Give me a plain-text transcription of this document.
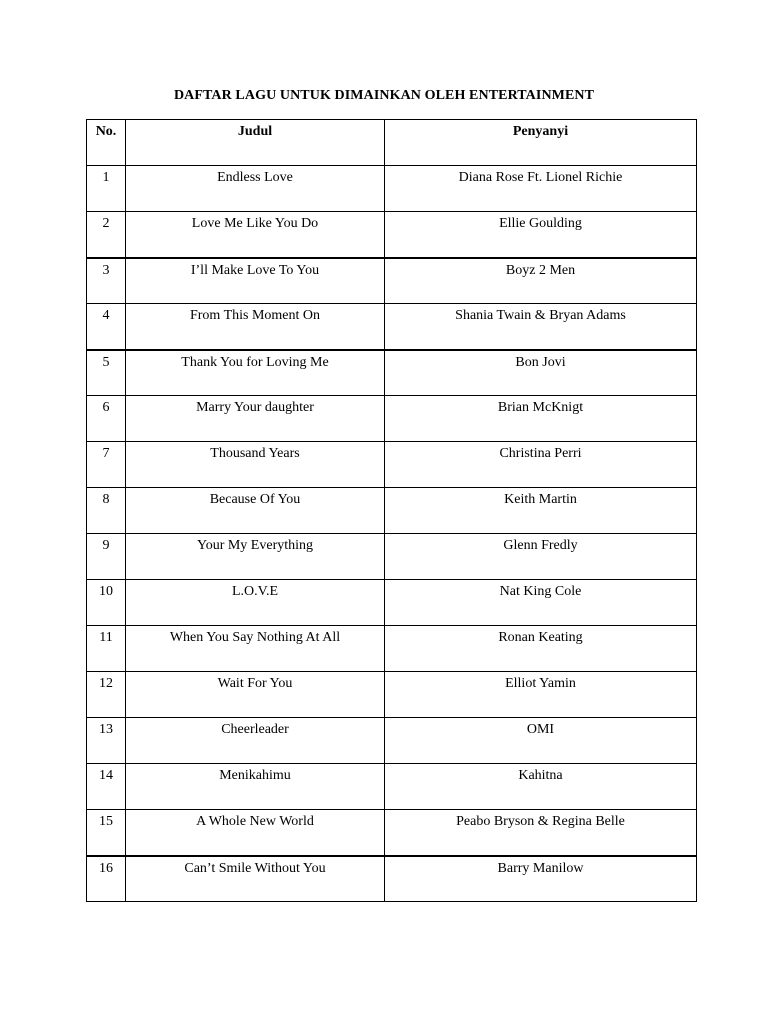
DAFTAR LAGU UNTUK DIMAINKAN OLEH ENTERTAINMENT
No.	Judul	Penyanyi
1	Endless Love	Diana Rose Ft. Lionel Richie
2	Love Me Like You Do	Ellie Goulding
3	I’ll Make Love To You	Boyz 2 Men
4	From This Moment On	Shania Twain & Bryan Adams
5	Thank You for Loving Me	Bon Jovi
6	Marry Your daughter	Brian McKnigt
7	Thousand Years	Christina Perri
8	Because Of You	Keith Martin
9	Your My Everything	Glenn Fredly
10	L.O.V.E	Nat King Cole
11	When You Say Nothing At All	Ronan Keating
12	Wait For You	Elliot Yamin
13	Cheerleader	OMI
14	Menikahimu	Kahitna
15	A Whole New World	Peabo Bryson & Regina Belle
16	Can’t Smile Without You	Barry Manilow
